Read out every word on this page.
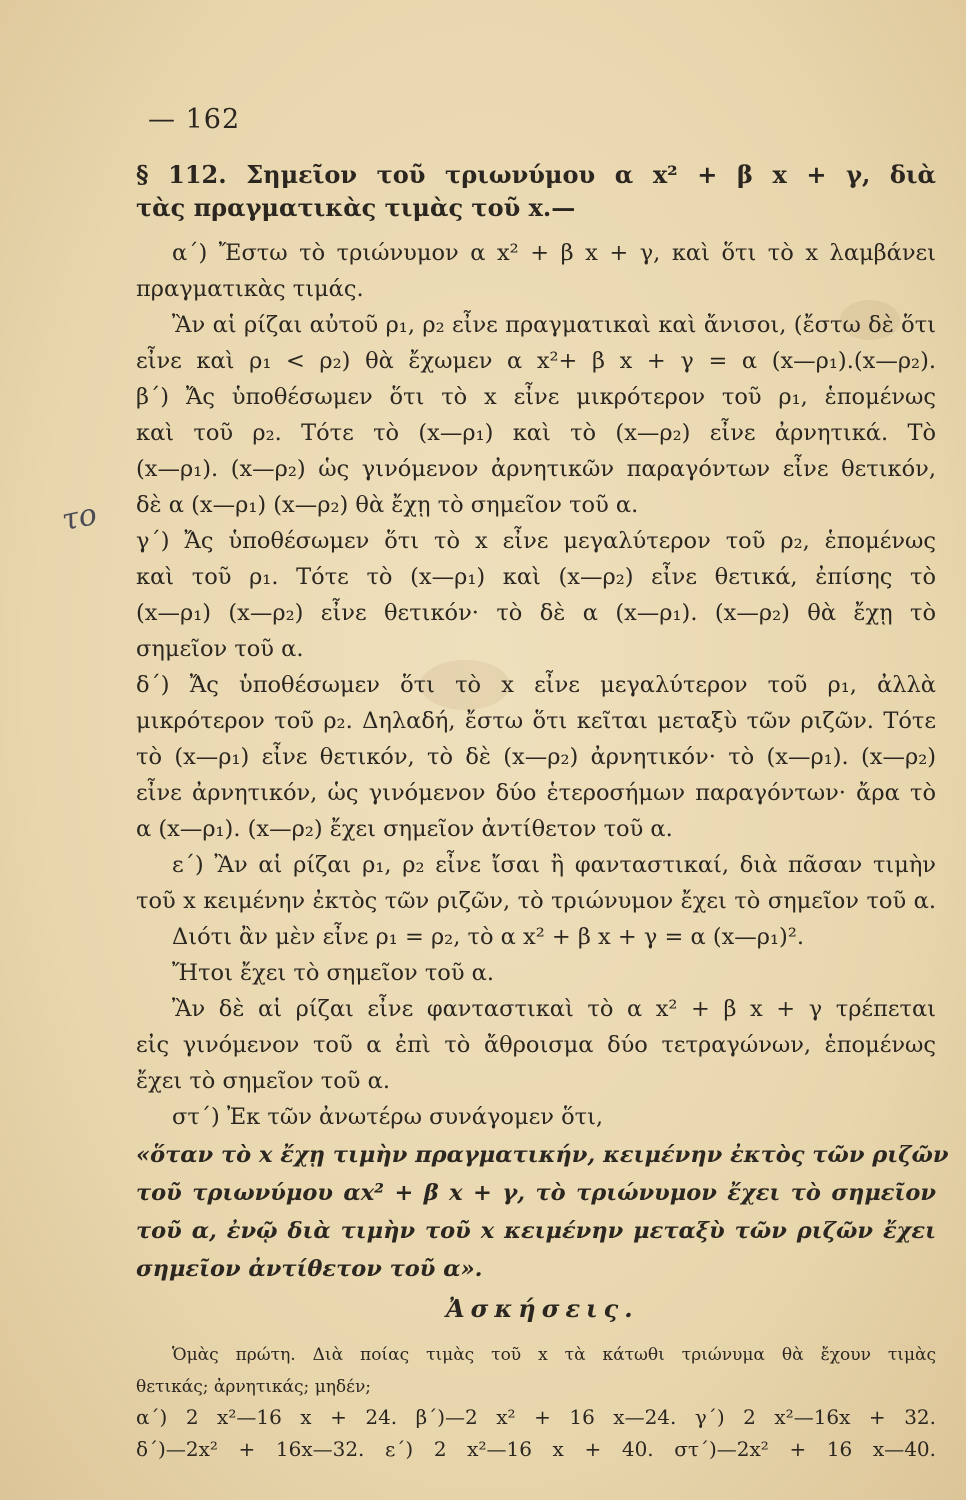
— 162
§ 112. Σημεῖον τοῦ τριωνύμου α x² + β x + γ, διὰ
τὰς πραγματικὰς τιμὰς τοῦ x.—
α΄) Ἔστω τὸ τριώνυμον α x² + β x + γ, καὶ ὅτι τὸ x λαμβάνει
πραγματικὰς τιμάς.
Ἂν αἱ ρίζαι αὐτοῦ ρ₁, ρ₂ εἶνε πραγματικαὶ καὶ ἄνισοι, (ἔστω δὲ ὅτι
εἶνε καὶ ρ₁ < ρ₂) θὰ ἔχωμεν α x²+ β x + γ = α (x—ρ₁).(x—ρ₂).
β΄) Ἄς ὑποθέσωμεν ὅτι τὸ x εἶνε μικρότερον τοῦ ρ₁, ἑπομένως
καὶ τοῦ ρ₂. Τότε τὸ (x—ρ₁) καὶ τὸ (x—ρ₂) εἶνε ἀρνητικά. Τὸ
(x—ρ₁). (x—ρ₂) ὡς γινόμενον ἀρνητικῶν παραγόντων εἶνε θετικόν,
δὲ α (x—ρ₁) (x—ρ₂) θὰ ἔχῃ τὸ σημεῖον τοῦ α.
γ΄) Ἄς ὑποθέσωμεν ὅτι τὸ x εἶνε μεγαλύτερον τοῦ ρ₂, ἑπομένως
καὶ τοῦ ρ₁. Τότε τὸ (x—ρ₁) καὶ (x—ρ₂) εἶνε θετικά, ἐπίσης τὸ
(x—ρ₁) (x—ρ₂) εἶνε θετικόν· τὸ δὲ α (x—ρ₁). (x—ρ₂) θὰ ἔχῃ τὸ
σημεῖον τοῦ α.
δ΄) Ἄς ὑποθέσωμεν ὅτι τὸ x εἶνε μεγαλύτερον τοῦ ρ₁, ἀλλὰ
μικρότερον τοῦ ρ₂. Δηλαδή, ἔστω ὅτι κεῖται μεταξὺ τῶν ριζῶν. Τότε
τὸ (x—ρ₁) εἶνε θετικόν, τὸ δὲ (x—ρ₂) ἀρνητικόν· τὸ (x—ρ₁). (x—ρ₂)
εἶνε ἀρνητικόν, ὡς γινόμενον δύο ἑτεροσήμων παραγόντων· ἄρα τὸ
α (x—ρ₁). (x—ρ₂) ἔχει σημεῖον ἀντίθετον τοῦ α.
ε΄) Ἂν αἱ ρίζαι ρ₁, ρ₂ εἶνε ἴσαι ἢ φανταστικαί, διὰ πᾶσαν τιμὴν
τοῦ x κειμένην ἐκτὸς τῶν ριζῶν, τὸ τριώνυμον ἔχει τὸ σημεῖον τοῦ α.
Διότι ἂν μὲν εἶνε ρ₁ = ρ₂, τὸ α x² + β x + γ = α (x—ρ₁)².
Ἤτοι ἔχει τὸ σημεῖον τοῦ α.
Ἂν δὲ αἱ ρίζαι εἶνε φανταστικαὶ τὸ α x² + β x + γ τρέπεται
εἰς γινόμενον τοῦ α ἐπὶ τὸ ἄθροισμα δύο τετραγώνων, ἑπομένως
ἔχει τὸ σημεῖον τοῦ α.
στ΄) Ἐκ τῶν ἀνωτέρω συνάγομεν ὅτι,
«ὅταν τὸ x ἔχῃ τιμὴν πραγματικήν, κειμένην ἐκτὸς τῶν ριζῶν
τοῦ τριωνύμου αx² + β x + γ, τὸ τριώνυμον ἔχει τὸ σημεῖον
τοῦ α, ἐνῷ διὰ τιμὴν τοῦ x κειμένην μεταξὺ τῶν ριζῶν ἔχει
σημεῖον ἀντίθετον τοῦ α».
Ἀσκήσεις.
Ὁμὰς πρώτη. Διὰ ποίας τιμὰς τοῦ x τὰ κάτωθι τριώνυμα θὰ ἔχουν τιμὰς
θετικάς; ἀρνητικάς; μηδέν;
α΄) 2 x²—16 x + 24. β΄)—2 x² + 16 x—24. γ΄) 2 x²—16x + 32.
δ΄)—2x² + 16x—32. ε΄) 2 x²—16 x + 40. στ΄)—2x² + 16 x—40.
το
